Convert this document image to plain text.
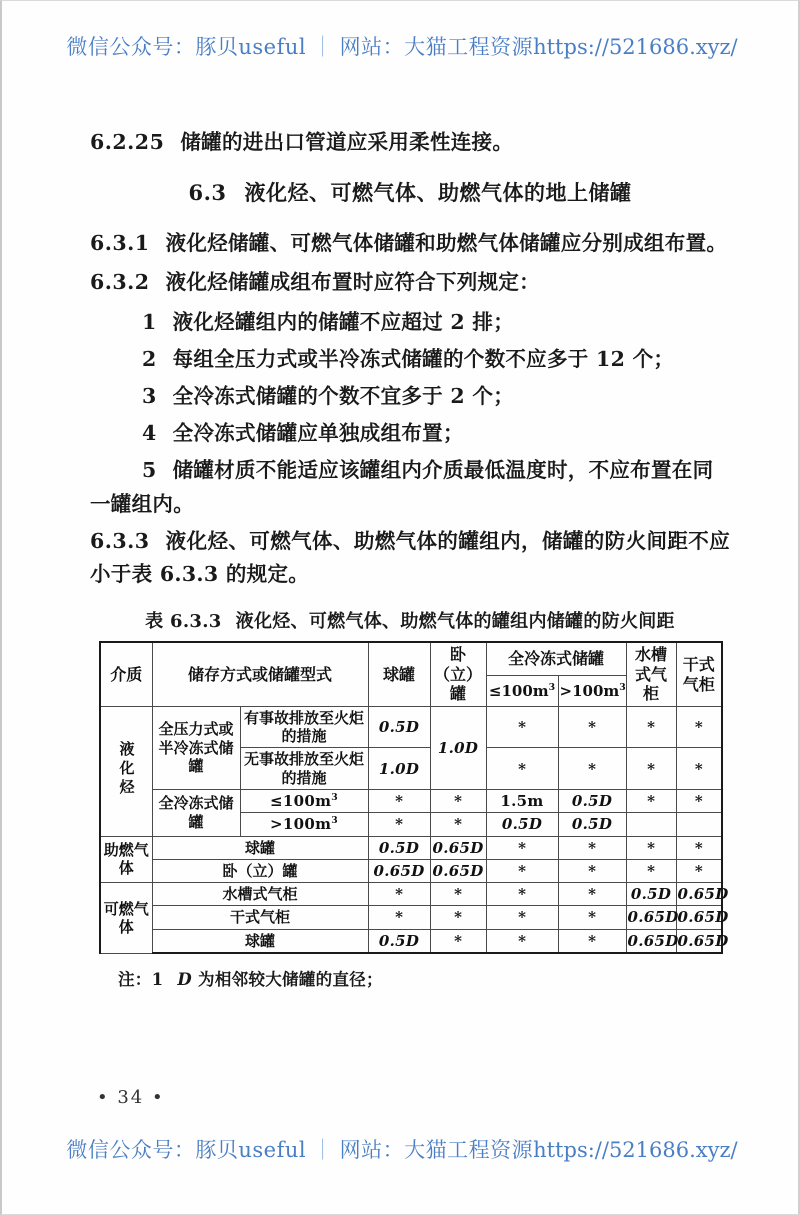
微信公众号：豚贝useful ｜ 网站：大猫工程资源https://521686.xyz/

6.2.25 储罐的进出口管道应采用柔性连接。

6.3 液化烃、可燃气体、助燃气体的地上储罐

6.3.1 液化烃储罐、可燃气体储罐和助燃气体储罐应分别成组布置。

6.3.2 液化烃储罐成组布置时应符合下列规定：

1 液化烃罐组内的储罐不应超过 2 排；

2 每组全压力式或半冷冻式储罐的个数不应多于 12 个；

3 全冷冻式储罐的个数不宜多于 2 个；

4 全冷冻式储罐应单独成组布置；

5 储罐材质不能适应该罐组内介质最低温度时，不应布置在同一罐组内。

6.3.3 液化烃、可燃气体、助燃气体的罐组内，储罐的防火间距不应小于表 6.3.3 的规定。

表 6.3.3 液化烃、可燃气体、助燃气体的罐组内储罐的防火间距
介质	储存方式或储罐型式		球罐	卧（立）罐	全冷冻式储罐		水槽式气柜	干式气柜
					$\le 100m^3$	$>100m^3$
液化烃	全压力式或半冷冻式储罐	有事故排放至火炬的措施	0.5D	1.0D	*	*	*	*
		无事故排放至火炬的措施	1.0D		*	*	*	*
	全冷冻式储罐	$\le 100m^3$	*	*	1.5m	0.5D	*	*
		$>100m^3$	*	*	0.5D	0.5D		
助燃气体	球罐		0.5D	0.65D	*	*	*	*
	卧（立）罐		0.65D	0.65D	*	*	*	*
可燃气体	水槽式气柜		*	*	*	*	0.5D	0.65D
	干式气柜		*	*	*	*	0.65D	0.65D
	球罐		0.5D	*	*	*	0.65D	0.65D

注：1 D 为相邻较大储罐的直径；

• 34 •
微信公众号：豚贝useful ｜ 网站：大猫工程资源https://521686.xyz/
